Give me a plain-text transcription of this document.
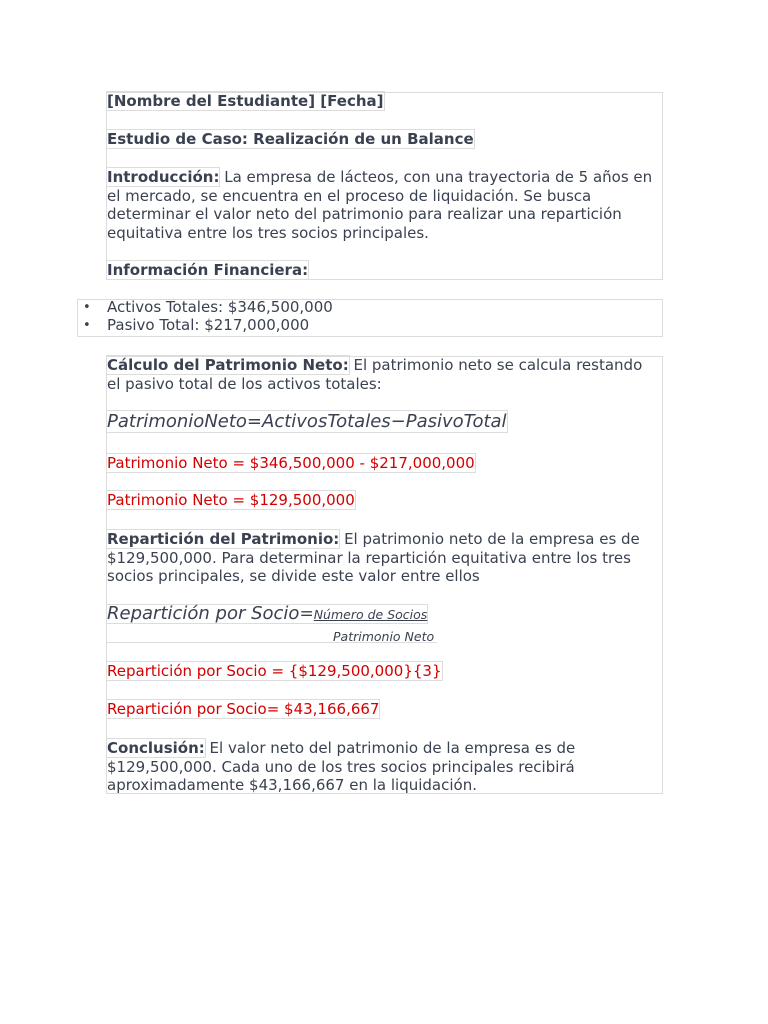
[Nombre del Estudiante] [Fecha]
Estudio de Caso: Realización de un Balance

Introducción: La empresa de lácteos, con una trayectoria de 5 años en el mercado, se encuentra en el proceso de liquidación. Se busca determinar el valor neto del patrimonio para realizar una repartición equitativa entre los tres socios principales.

Información Financiera:
• Activos Totales: $346,500,000
• Pasivo Total: $217,000,000

Cálculo del Patrimonio Neto: El patrimonio neto se calcula restando el pasivo total de los activos totales:

PatrimonioNeto=ActivosTotales−PasivoTotal
Patrimonio Neto = $346,500,000 - $217,000,000
Patrimonio Neto = $129,500,000

Repartición del Patrimonio: El patrimonio neto de la empresa es de $129,500,000. Para determinar la repartición equitativa entre los tres socios principales, se divide este valor entre ellos

Repartición por Socio=Número de Socios
Patrimonio Neto
Repartición por Socio = {$129,500,000}{3}
Repartición por Socio= $43,166,667

Conclusión: El valor neto del patrimonio de la empresa es de $129,500,000. Cada uno de los tres socios principales recibirá aproximadamente $43,166,667 en la liquidación.
